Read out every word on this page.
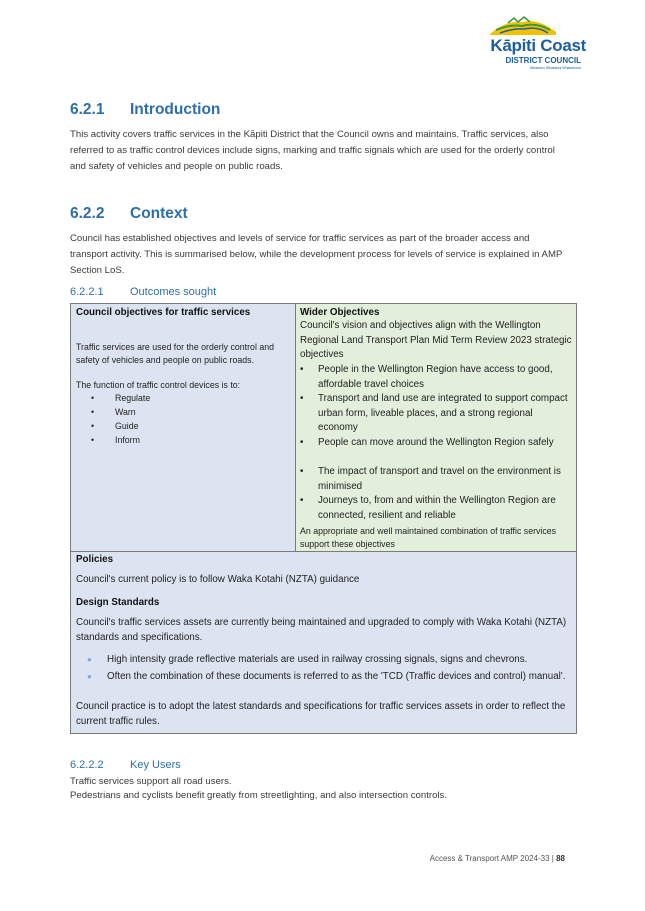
Kāpiti Coast
DISTRICT COUNCIL
Whakairo Whakanui Whakahono
6.2.1 Introduction
This activity covers traffic services in the Kāpiti District that the Council owns and maintains. Traffic services, also referred to as traffic control devices include signs, marking and traffic signals which are used for the orderly control and safety of vehicles and people on public roads.
6.2.2 Context
Council has established objectives and levels of service for traffic services as part of the broader access and transport activity. This is summarised below, while the development process for levels of service is explained in AMP Section LoS.
6.2.2.1 Outcomes sought
Council objectives for traffic services
Traffic services are used for the orderly control and safety of vehicles and people on public roads.
The function of traffic control devices is to:
• Regulate
• Warn
• Guide
• Inform
Wider Objectives
Council's vision and objectives align with the Wellington Regional Land Transport Plan Mid Term Review 2023 strategic objectives
• People in the Wellington Region have access to good, affordable travel choices
• Transport and land use are integrated to support compact urban form, liveable places, and a strong regional economy
• People can move around the Wellington Region safely
• The impact of transport and travel on the environment is minimised
• Journeys to, from and within the Wellington Region are connected, resilient and reliable
An appropriate and well maintained combination of traffic services support these objectives
Policies
Council's current policy is to follow Waka Kotahi (NZTA) guidance
Design Standards
Council's traffic services assets are currently being maintained and upgraded to comply with Waka Kotahi (NZTA) standards and specifications.
● High intensity grade reflective materials are used in railway crossing signals, signs and chevrons.
● Often the combination of these documents is referred to as the 'TCD (Traffic devices and control) manual'.
Council practice is to adopt the latest standards and specifications for traffic services assets in order to reflect the current traffic rules.
6.2.2.2 Key Users
Traffic services support all road users.
Pedestrians and cyclists benefit greatly from streetlighting, and also intersection controls.
Access & Transport AMP 2024-33 | 88
